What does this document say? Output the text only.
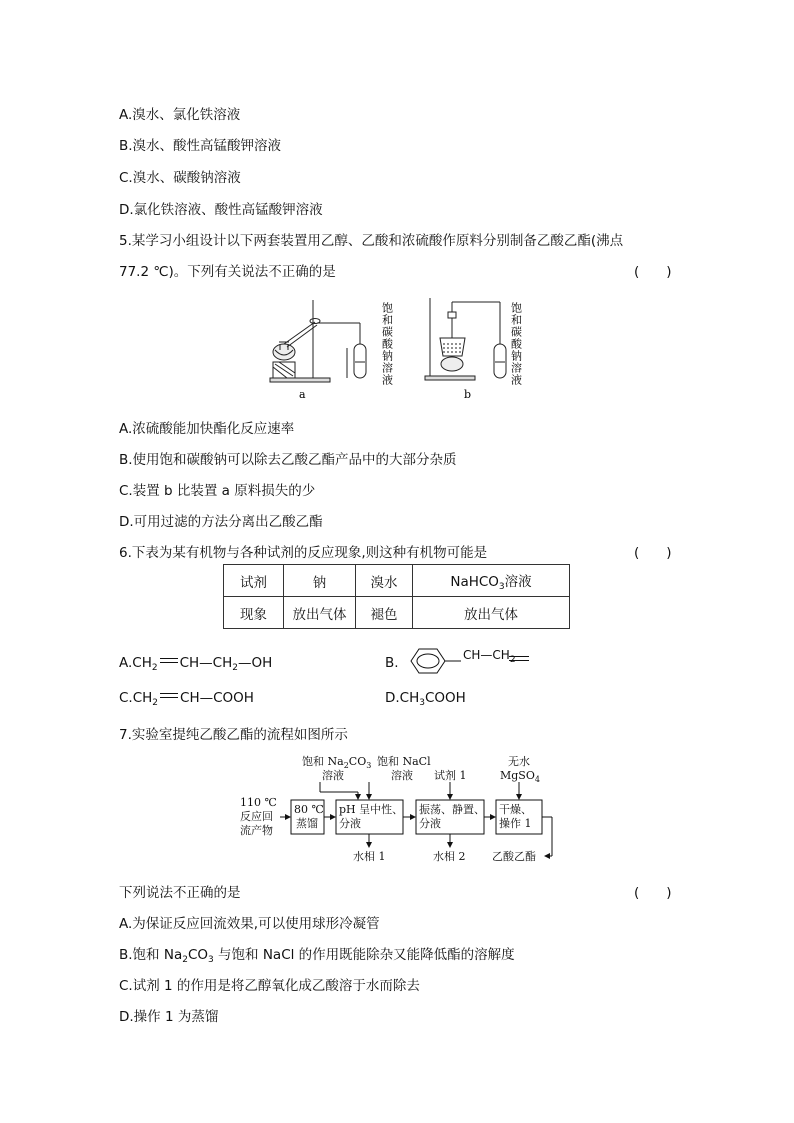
A.溴水、氯化铁溶液
B.溴水、酸性高锰酸钾溶液
C.溴水、碳酸钠溶液
D.氯化铁溶液、酸性高锰酸钾溶液
5.某学习小组设计以下两套装置用乙醇、乙酸和浓硫酸作原料分别制备乙酸乙酯(沸点
77.2 ℃)。下列有关说法不正确的是	(　　)
a	b
饱和碳酸钠溶液	饱和碳酸钠溶液
A.浓硫酸能加快酯化反应速率
B.使用饱和碳酸钠可以除去乙酸乙酯产品中的大部分杂质
C.装置 b 比装置 a 原料损失的少
D.可用过滤的方法分离出乙酸乙酯
6.下表为某有机物与各种试剂的反应现象,则这种有机物可能是	(　　)
试剂	钠	溴水	NaHCO$_3$溶液
现象	放出气体	褪色	放出气体
$A.CH_2$ $CH—CH_2—OH$	B.	$CH—CH_2$
$C.CH_2$ CH—COOH	$D.CH_3COOH$
7.实验室提纯乙酸乙酯的流程如图所示
110 ℃
反应回
流产物
饱和 $Na_2CO_3$
溶液
饱和 NaCl
溶液 试剂 1
无水
MgSO$_4$
80 ℃
蒸馏
pH 呈中性、
分液
振荡、静置、
分液
干燥、
操作 1
水相 1	水相 2 乙酸乙酯
下列说法不正确的是	(　　)
A.为保证反应回流效果,可以使用球形冷凝管
B.饱和 $Na_2CO_3$ 与饱和 NaCl 的作用既能除杂又能降低酯的溶解度
C.试剂 1 的作用是将乙醇氧化成乙酸溶于水而除去
D.操作 1 为蒸馏
